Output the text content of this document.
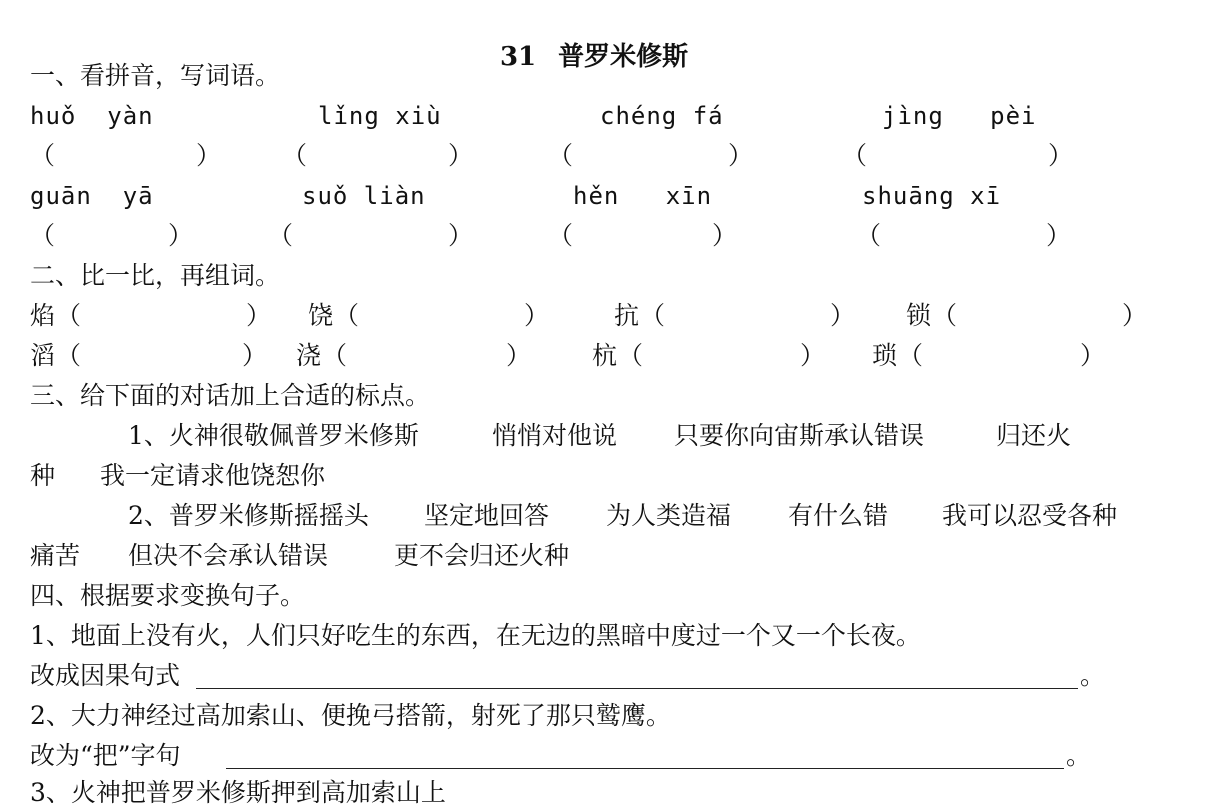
31 普罗米修斯

一、看拼音，写词语。
huǒ  yàn	lǐng xiù	chéng fá	jìng   pèi
（	） （	）	（	）	（	）
guān  yā	suǒ liàn	hěn   xīn	shuāng xī
（	）	（	）	（	）	（	）
二、比一比，再组词。
焰 （	） 饶 （	）	抗 （	） 锁 （	）
滔 （	） 浇 （	） 杭 （	） 琐 （	）
三、给下面的对话加上合适的标点。
1、火神很敬佩普罗米修斯	悄悄对他说 只要你向宙斯承认错误	归还火
种 我一定请求他饶恕你
2、普罗米修斯摇摇头 坚定地回答 为人类造福 有什么错 我可以忍受各种
痛苦 但决不会承认错误	更不会归还火种
四、根据要求变换句子。
1、地面上没有火，人们只好吃生的东西，在无边的黑暗中度过一个又一个长夜。
改成因果句式	。
2、大力神经过高加索山、便挽弓搭箭，射死了那只鹫鹰。
改为“把”字句	。
3、火神把普罗米修斯押到高加索山上
